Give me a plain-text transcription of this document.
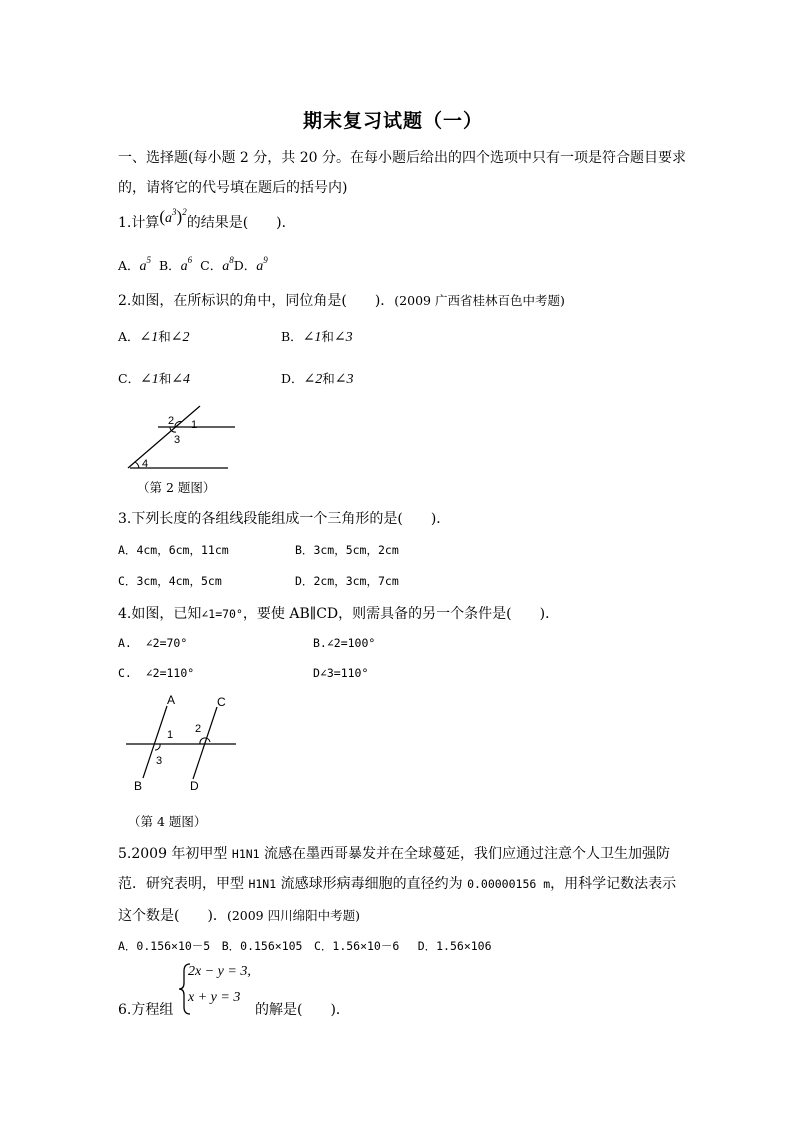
期末复习试题（一）
一、选择题(每小题 2 分，共 20 分。在每小题后给出的四个选项中只有一项是符合题目要求
的，请将它的代号填在题后的括号内)
1.计算$(a^3)^2$的结果是(　　)．
A．$a^5$ B．$a^6$ C．$a^8D$．$a^9$
2.如图，在所标识的角中，同位角是(　　)．(2009 广西省桂林百色中考题)
A．∠1和∠2	B．∠1和∠3
C．∠1和∠4	D．∠2和∠3
2 1
3
4
（第 2 题图）
3.下列长度的各组线段能组成一个三角形的是(　　)．
A．4cm，6cm，11cm	B．3cm，5cm，2cm
C．3cm，4cm，5cm	D．2cm，3cm，7cm
4.如图，已知∠1=70°，要使 AB∥CD，则需具备的另一个条件是(　　)．
A. ∠2=70°	B.∠2=100°
C. ∠2=110°	D∠3=110°
A	C
1 2
3
B	D
（第 4 题图）
5.2009 年初甲型 H1N1 流感在墨西哥暴发并在全球蔓延，我们应通过注意个人卫生加强防
范．研究表明，甲型 H1N1 流感球形病毒细胞的直径约为 0.00000156 m，用科学记数法表示
这个数是(　　)．(2009 四川绵阳中考题)
A．0.156×10－5　B．0.156×105　C．1.56×10－6　 D．1.56×106
2x − y = 3,
x + y = 3
6.方程组	的解是(　　)．
